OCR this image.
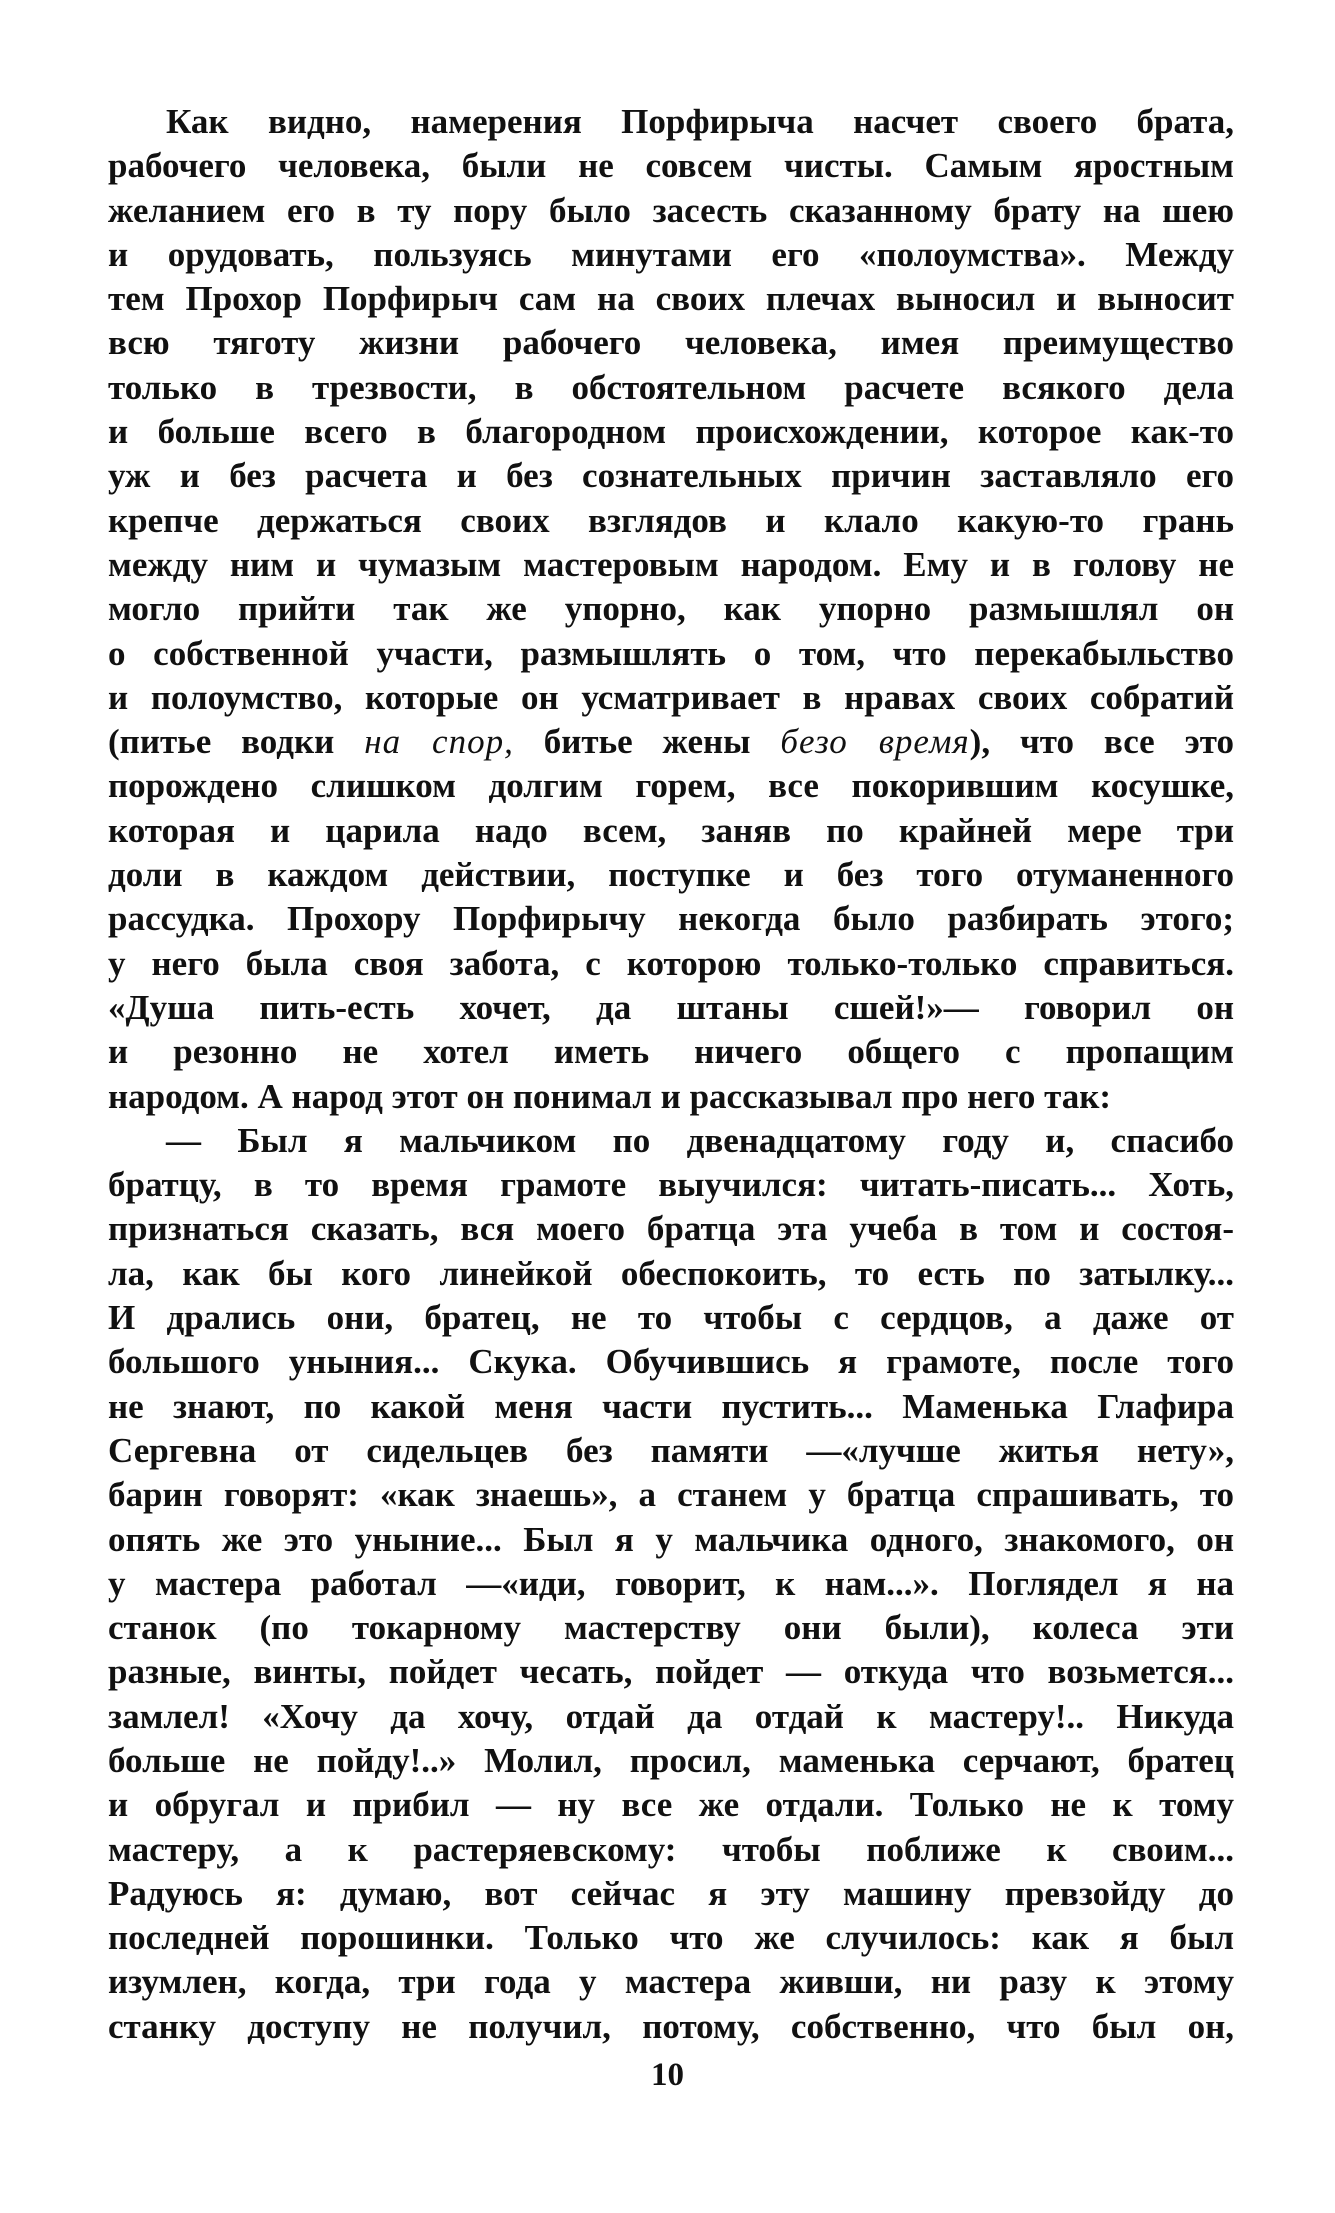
Как видно, намерения Порфирыча насчет своего брата,
рабочего человека, были не совсем чисты. Самым яростным
желанием его в ту пору было засесть сказанному брату на шею
и орудовать, пользуясь минутами его «полоумства». Между
тем Прохор Порфирыч сам на своих плечах выносил и выносит
всю тяготу жизни рабочего человека, имея преимущество
только в трезвости, в обстоятельном расчете всякого дела
и больше всего в благородном происхождении, которое как-то
уж и без расчета и без сознательных причин заставляло его
крепче держаться своих взглядов и клало какую-то грань
между ним и чумазым мастеровым народом. Ему и в голову не
могло прийти так же упорно, как упорно размышлял он
о собственной участи, размышлять о том, что перекабыльство
и полоумство, которые он усматривает в нравах своих собратий
(питье водки на спор, битье жены безо время), что все это
порождено слишком долгим горем, все покорившим косушке,
которая и царила надо всем, заняв по крайней мере три
доли в каждом действии, поступке и без того отуманенного
рассудка. Прохору Порфирычу некогда было разбирать этого;
у него была своя забота, с которою только-только справиться.
«Душа пить-есть хочет, да штаны сшей!»— говорил он
и резонно не хотел иметь ничего общего с пропащим
народом. А народ этот он понимал и рассказывал про него так:
— Был я мальчиком по двенадцатому году и, спасибо
братцу, в то время грамоте выучился: читать-писать... Хоть,
признаться сказать, вся моего братца эта учеба в том и состоя-
ла, как бы кого линейкой обеспокоить, то есть по затылку...
И дрались они, братец, не то чтобы с сердцов, а даже от
большого уныния... Скука. Обучившись я грамоте, после того
не знают, по какой меня части пустить... Маменька Глафира
Сергевна от сидельцев без памяти —«лучше житья нету»,
барин говорят: «как знаешь», а станем у братца спрашивать, то
опять же это уныние... Был я у мальчика одного, знакомого, он
у мастера работал —«иди, говорит, к нам...». Поглядел я на
станок (по токарному мастерству они были), колеса эти
разные, винты, пойдет чесать, пойдет — откуда что возьмется...
замлел! «Хочу да хочу, отдай да отдай к мастеру!.. Никуда
больше не пойду!..» Молил, просил, маменька серчают, братец
и обругал и прибил — ну все же отдали. Только не к тому
мастеру, а к растеряевскому: чтобы поближе к своим...
Радуюсь я: думаю, вот сейчас я эту машину превзойду до
последней порошинки. Только что же случилось: как я был
изумлен, когда, три года у мастера живши, ни разу к этому
станку доступу не получил, потому, собственно, что был он,
10
